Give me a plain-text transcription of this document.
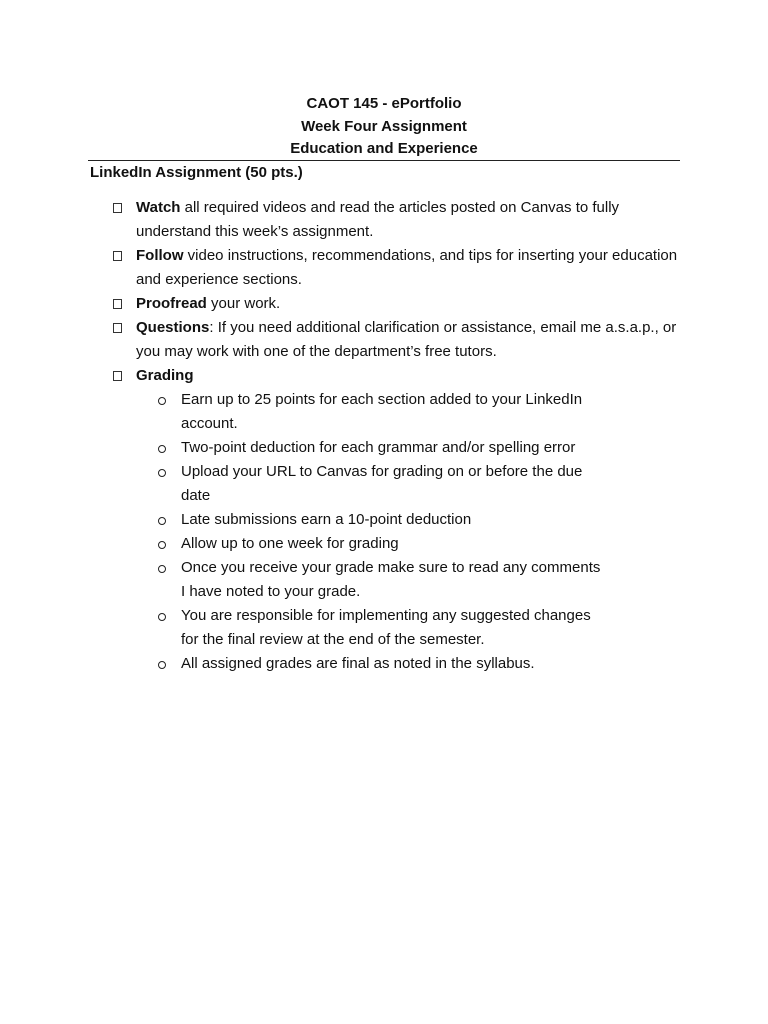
CAOT 145 - ePortfolio
Week Four Assignment
Education and Experience
LinkedIn Assignment (50 pts.)
Watch all required videos and read the articles posted on Canvas to fully understand this week’s assignment.
Follow video instructions, recommendations, and tips for inserting your education and experience sections.
Proofread your work.
Questions: If you need additional clarification or assistance, email me a.s.a.p., or you may work with one of the department’s free tutors.
Grading
Earn up to 25 points for each section added to your LinkedIn account.
Two-point deduction for each grammar and/or spelling error
Upload your URL to Canvas for grading on or before the due date
Late submissions earn a 10-point deduction
Allow up to one week for grading
Once you receive your grade make sure to read any comments I have noted to your grade.
You are responsible for implementing any suggested changes for the final review at the end of the semester.
All assigned grades are final as noted in the syllabus.
